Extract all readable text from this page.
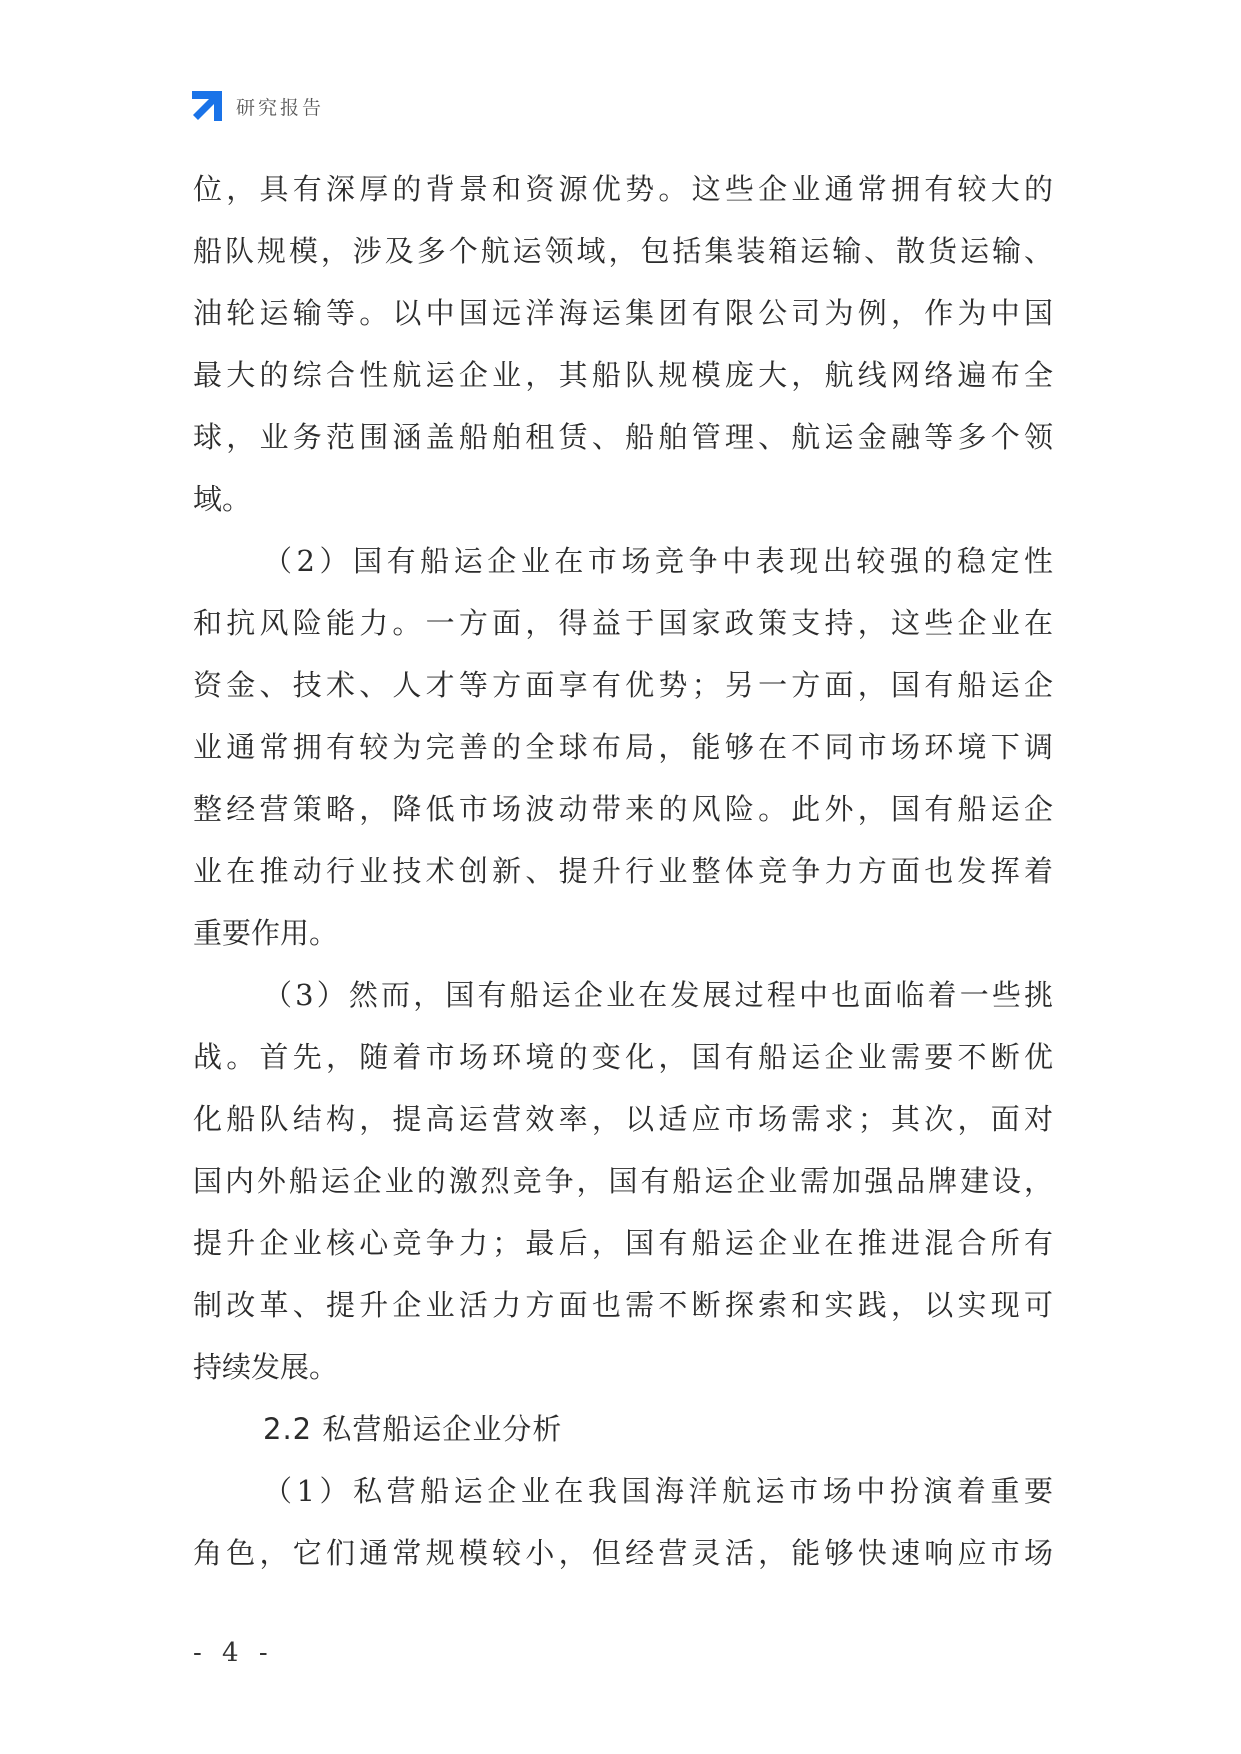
研究报告
位，具有深厚的背景和资源优势。这些企业通常拥有较大的
船队规模，涉及多个航运领域，包括集装箱运输、散货运输、
油轮运输等。以中国远洋海运集团有限公司为例，作为中国
最大的综合性航运企业，其船队规模庞大，航线网络遍布全
球，业务范围涵盖船舶租赁、船舶管理、航运金融等多个领
域。
（2）国有船运企业在市场竞争中表现出较强的稳定性
和抗风险能力。一方面，得益于国家政策支持，这些企业在
资金、技术、人才等方面享有优势；另一方面，国有船运企
业通常拥有较为完善的全球布局，能够在不同市场环境下调
整经营策略，降低市场波动带来的风险。此外，国有船运企
业在推动行业技术创新、提升行业整体竞争力方面也发挥着
重要作用。
（3）然而，国有船运企业在发展过程中也面临着一些挑
战。首先，随着市场环境的变化，国有船运企业需要不断优
化船队结构，提高运营效率，以适应市场需求；其次，面对
国内外船运企业的激烈竞争，国有船运企业需加强品牌建设，
提升企业核心竞争力；最后，国有船运企业在推进混合所有
制改革、提升企业活力方面也需不断探索和实践，以实现可
持续发展。
2.2 私营船运企业分析
（1）私营船运企业在我国海洋航运市场中扮演着重要
角色，它们通常规模较小，但经营灵活，能够快速响应市场
- 4 -
